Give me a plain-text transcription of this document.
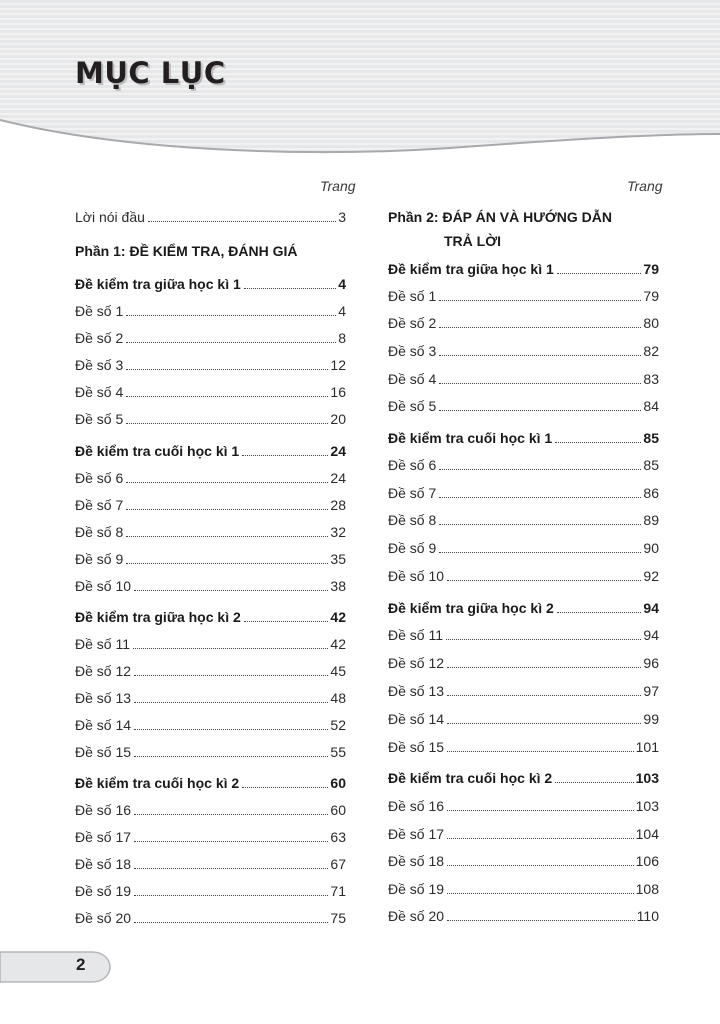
MỤC LỤC
Trang	Trang
Lời nói đầu	3
Phần 1: ĐỀ KIỂM TRA, ĐÁNH GIÁ
Đề kiểm tra giữa học kì 1	4
Đề số 1	4
Đề số 2	8
Đề số 3	12
Đề số 4	16
Đề số 5	20
Đề kiểm tra cuối học kì 1	24
Đề số 6	24
Đề số 7	28
Đề số 8	32
Đề số 9	35
Đề số 10	38
Đề kiểm tra giữa học kì 2	42
Đề số 11	42
Đề số 12	45
Đề số 13	48
Đề số 14	52
Đề số 15	55
Đề kiểm tra cuối học kì 2	60
Đề số 16	60
Đề số 17	63
Đề số 18	67
Đề số 19	71
Đề số 20	75
Phần 2: ĐÁP ÁN VÀ HƯỚNG DẪN
TRẢ LỜI
Đề kiểm tra giữa học kì 1	79
Đề số 1	79
Đề số 2	80
Đề số 3	82
Đề số 4	83
Đề số 5	84
Đề kiểm tra cuối học kì 1	85
Đề số 6	85
Đề số 7	86
Đề số 8	89
Đề số 9	90
Đề số 10	92
Đề kiểm tra giữa học kì 2	94
Đề số 11	94
Đề số 12	96
Đề số 13	97
Đề số 14	99
Đề số 15	101
Đề kiểm tra cuối học kì 2	103
Đề số 16	103
Đề số 17	104
Đề số 18	106
Đề số 19	108
Đề số 20	110
2
